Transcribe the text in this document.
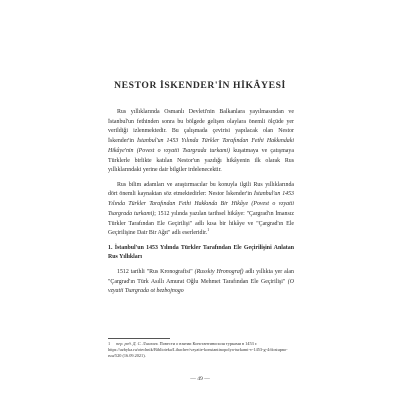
NESTOR İSKENDER'İN HİKÂYESİ

Rus yıllıklarında Osmanlı Devleti'nin Balkanlara yayılmasından ve İstanbul'un fethinden sonra bu bölgede gelişen olaylara önemli ölçüde yer verildiği izlenmektedir. Bu çalışmada çevirisi yapılacak olan Nestor İskender'in İstanbul'un 1453 Yılında Türkler Tarafından Fethi Hakkındaki Hikâye'nin (Povest o vzyatii Tsargrada turkami) kuşatmaya ve çatışmaya Türklerle birlikte katılan Nestor'un yazdığı hikâyenin ilk olarak Rus yıllıklarındaki yerine dair bilgiler irdelenecektir.

Rus bilim adamları ve araştırmacılar bu konuyla ilgili Rus yıllıklarında dört önemli kaynaktan söz etmektedirler: Nestor İskender'in İstanbul'un 1453 Yılında Türkler Tarafından Fethi Hakkında Bir Hikâye (Povest o vzyatii Tsargrada turkami); 1512 yılında yazılan tarihsel hikâye: "Çargrad'ın İmansız Türkler Tarafından Ele Geçirilişi" adlı kısa bir hikâye ve "Çargrad'ın Ele Geçirilişine Dair Bir Ağıt" adlı eserleridir.$^1$

1. İstanbul'un 1453 Yılında Türkler Tarafından Ele Geçirilişini Anlatan Rus Yıllıkları

1512 tarihli "Rus Kronografisi" (Russkiy Hronograf) adlı yıllıkta yer alan "Çargrad'ın Türk Asıllı Amurat Oğlu Mehmet Tarafından Ele Geçirilişi" (O vzyatii Tsargrada ot bezbojnogo

1 пер. ред. Д. С. Лихачев. Повести о взятии Константинополя турками в 1453 г. https://azbyka.ru/otechnik/Biblioteka/Lihachev/vzyatie-konstantinopolya-turkami-v-1453-g-4/dostupno-ruu/520 (16.09.2021).
— 49 —
